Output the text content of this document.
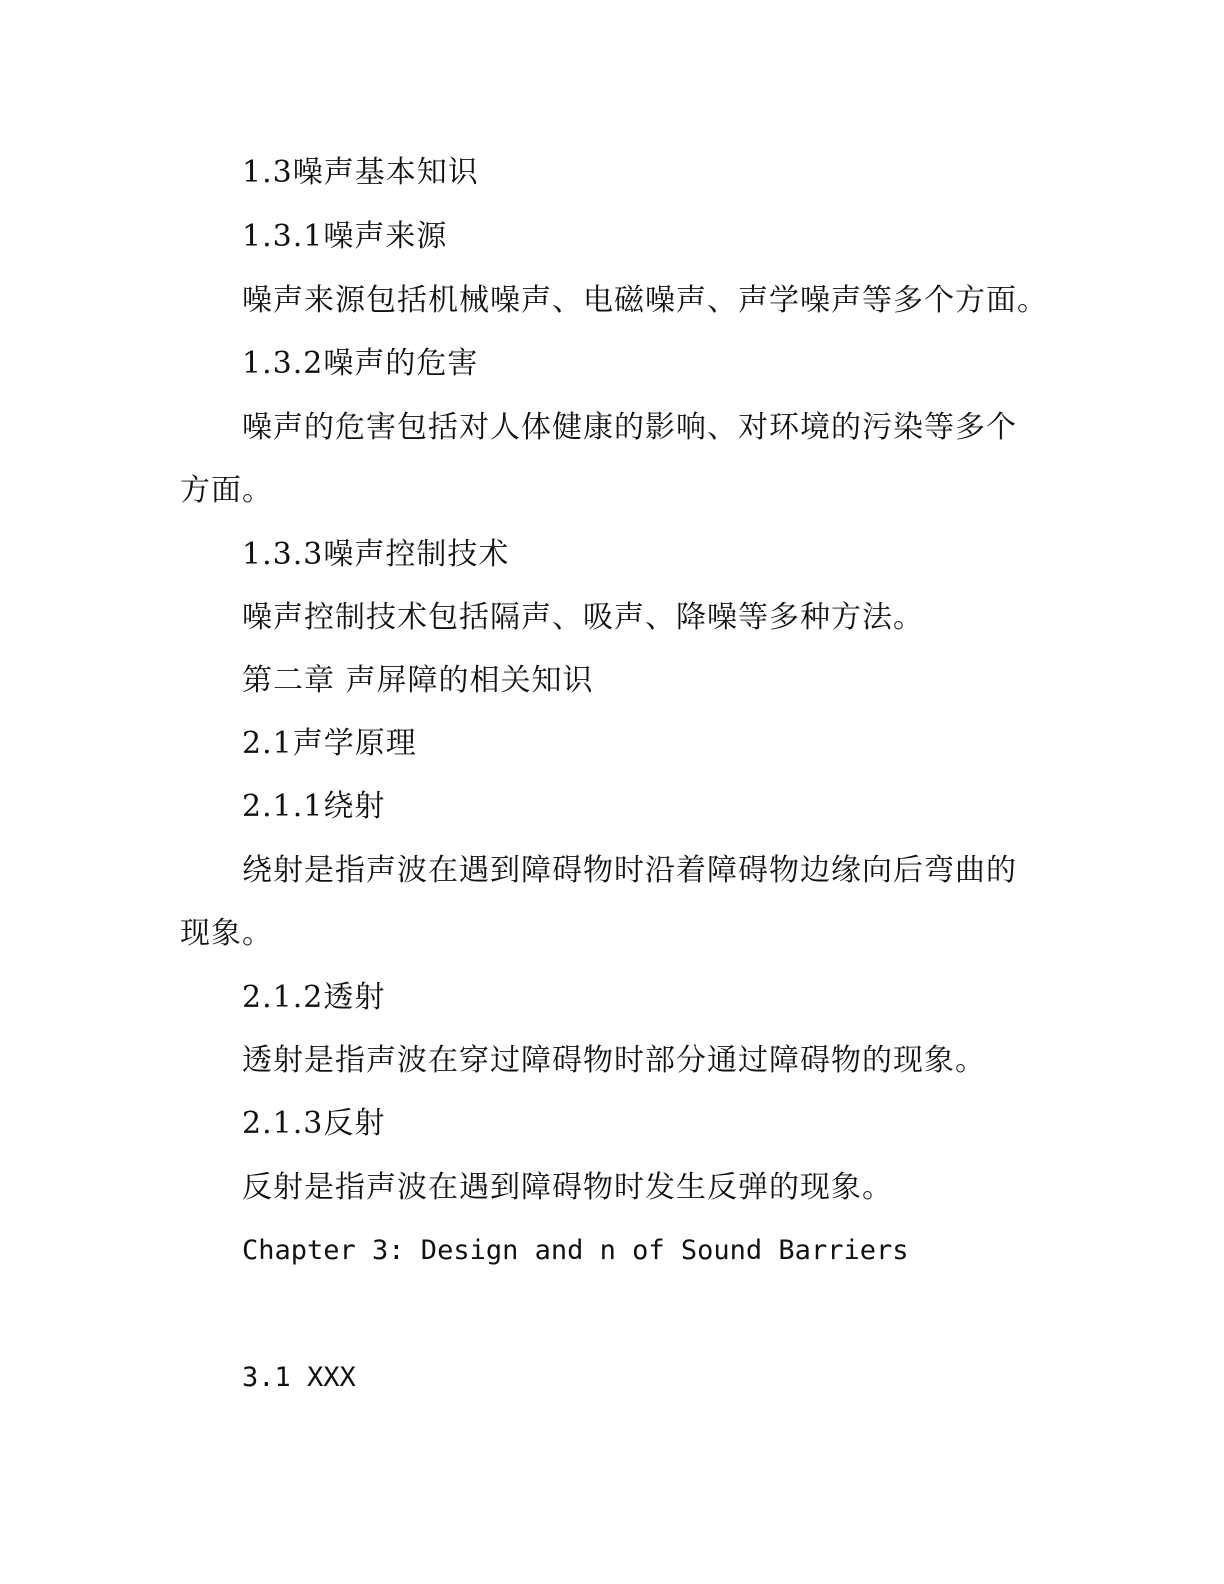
1.3噪声基本知识
1.3.1噪声来源
噪声来源包括机械噪声、电磁噪声、声学噪声等多个方面。
1.3.2噪声的危害
噪声的危害包括对人体健康的影响、对环境的污染等多个
方面。
1.3.3噪声控制技术
噪声控制技术包括隔声、吸声、降噪等多种方法。
第二章 声屏障的相关知识
2.1声学原理
2.1.1绕射
绕射是指声波在遇到障碍物时沿着障碍物边缘向后弯曲的
现象。
2.1.2透射
透射是指声波在穿过障碍物时部分通过障碍物的现象。
2.1.3反射
反射是指声波在遇到障碍物时发生反弹的现象。
Chapter 3: Design and n of Sound Barriers
3.1 XXX
